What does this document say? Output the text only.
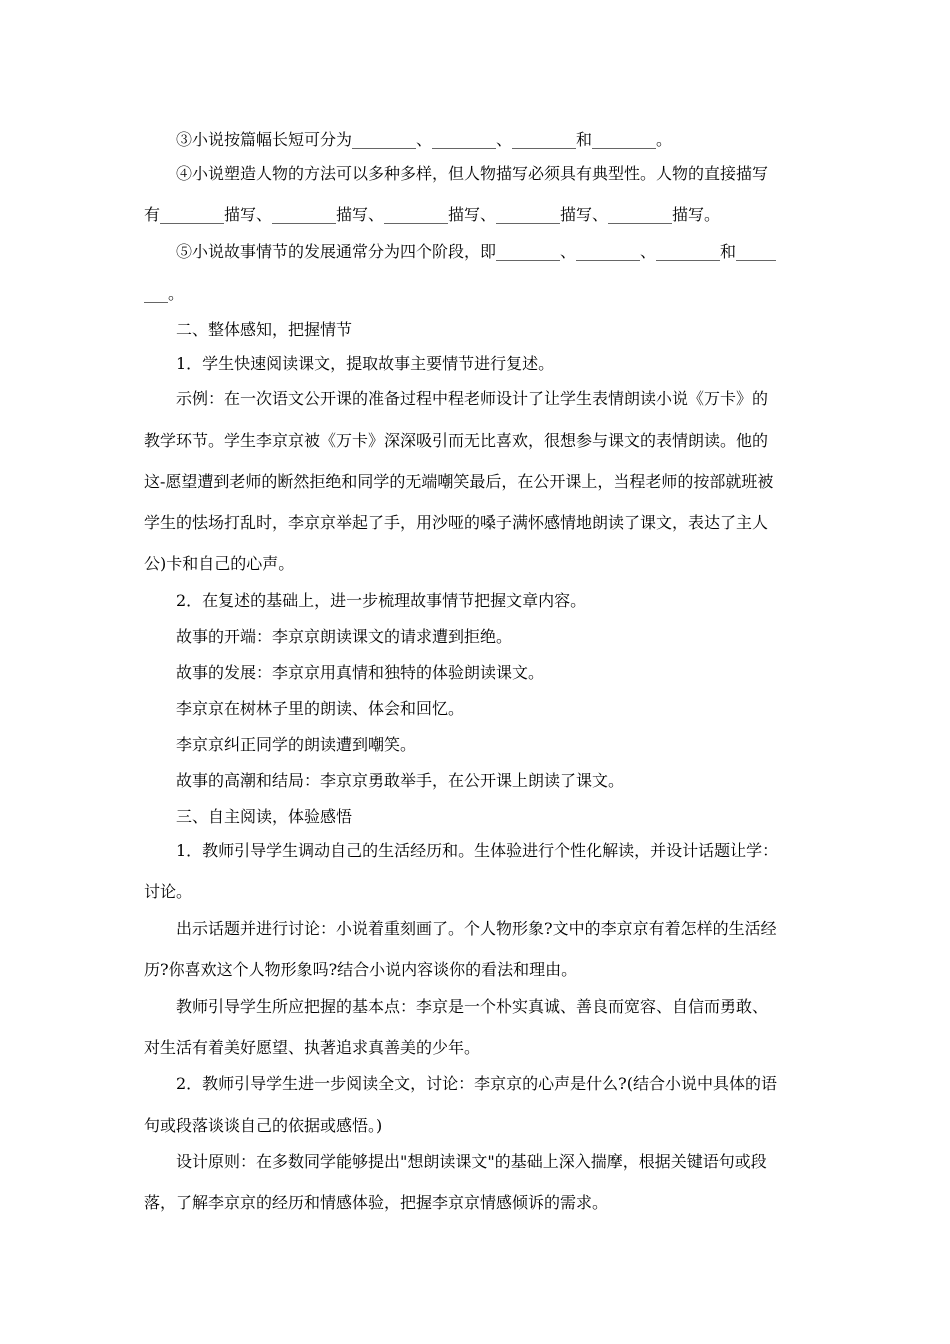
③小说按篇幅长短可分为________、________、________和________。
④小说塑造人物的方法可以多种多样，但人物描写必须具有典型性。人物的直接描写
有________描写、________描写、________描写、________描写、________描写。
⑤小说故事情节的发展通常分为四个阶段，即________、________、________和_____
___。
二、整体感知，把握情节
1．学生快速阅读课文，提取故事主要情节进行复述。
示例：在一次语文公开课的准备过程中程老师设计了让学生表情朗读小说《万卡》的
教学环节。学生李京京被《万卡》深深吸引而无比喜欢，很想参与课文的表情朗读。他的
这-愿望遭到老师的断然拒绝和同学的无端嘲笑最后，在公开课上，当程老师的按部就班被
学生的怯场打乱时，李京京举起了手，用沙哑的嗓子满怀感情地朗读了课文，表达了主人
公)卡和自己的心声。
2．在复述的基础上，进一步梳理故事情节把握文章内容。
故事的开端：李京京朗读课文的请求遭到拒绝。
故事的发展：李京京用真情和独特的体验朗读课文。
李京京在树林子里的朗读、体会和回忆。
李京京纠正同学的朗读遭到嘲笑。
故事的高潮和结局：李京京勇敢举手，在公开课上朗读了课文。
三、自主阅读，体验感悟
1．教师引导学生调动自己的生活经历和。生体验进行个性化解读，并设计话题让学：
讨论。
出示话题并进行讨论：小说着重刻画了。个人物形象?文中的李京京有着怎样的生活经
历?你喜欢这个人物形象吗?结合小说内容谈你的看法和理由。
教师引导学生所应把握的基本点：李京是一个朴实真诚、善良而宽容、自信而勇敢、
对生活有着美好愿望、执著追求真善美的少年。
2．教师引导学生进一步阅读全文，讨论：李京京的心声是什么?(结合小说中具体的语
句或段落谈谈自己的依据或感悟。)
设计原则：在多数同学能够提出"想朗读课文"的基础上深入揣摩，根据关键语句或段
落，了解李京京的经历和情感体验，把握李京京情感倾诉的需求。
